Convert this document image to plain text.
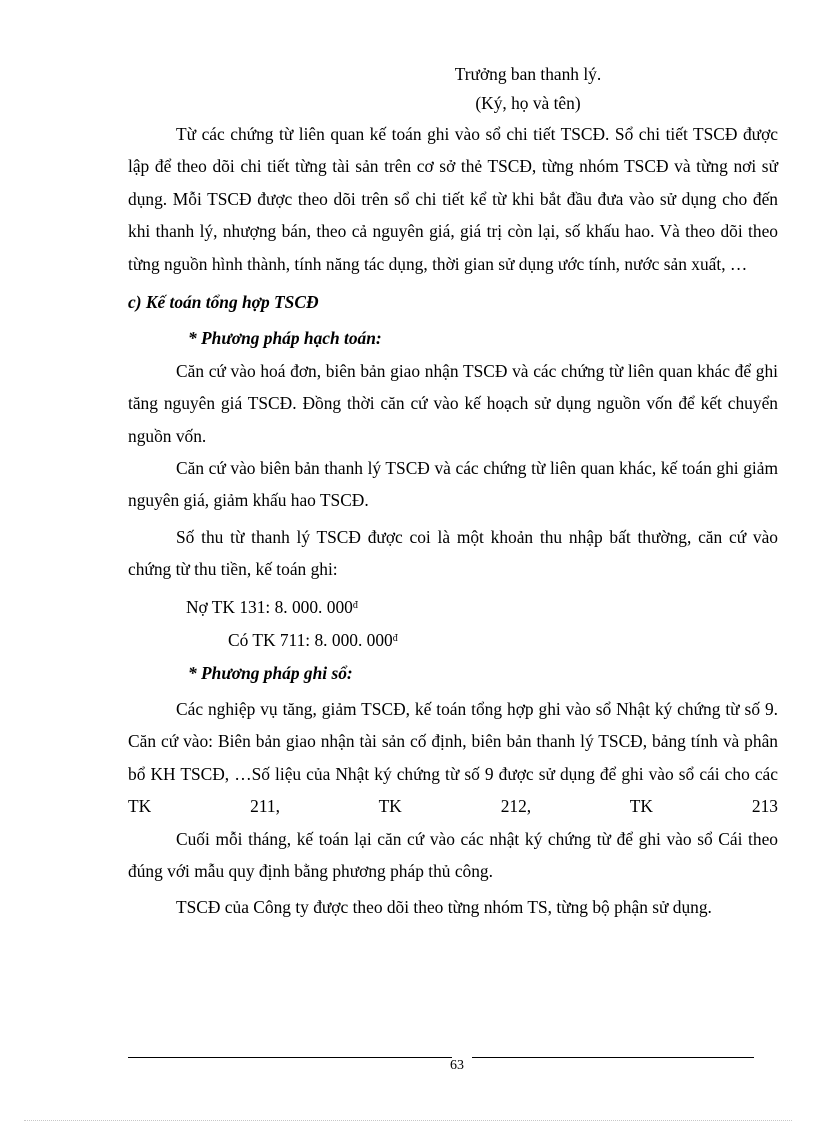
Trưởng ban thanh lý.
(Ký, họ và tên)

Từ các chứng từ liên quan kế toán ghi vào sổ chi tiết TSCĐ. Sổ chi tiết TSCĐ được lập để theo dõi chi tiết từng tài sản trên cơ sở thẻ TSCĐ, từng nhóm TSCĐ và từng nơi sử dụng. Mỗi TSCĐ được theo dõi trên sổ chi tiết kể từ khi bắt đầu đưa vào sử dụng cho đến khi thanh lý, nhượng bán, theo cả nguyên giá, giá trị còn lại, số khấu hao. Và theo dõi theo từng nguồn hình thành, tính năng tác dụng, thời gian sử dụng ước tính, nước sản xuất, …

c) Kế toán tổng hợp TSCĐ

* Phương pháp hạch toán:

Căn cứ vào hoá đơn, biên bản giao nhận TSCĐ và các chứng từ liên quan khác để ghi tăng nguyên giá TSCĐ. Đồng thời căn cứ vào kế hoạch sử dụng nguồn vốn để kết chuyển nguồn vốn.

Căn cứ vào biên bản thanh lý TSCĐ và các chứng từ liên quan khác, kế toán ghi giảm nguyên giá, giảm khấu hao TSCĐ.

Số thu từ thanh lý TSCĐ được coi là một khoản thu nhập bất thường, căn cứ vào chứng từ thu tiền, kế toán ghi:

Nợ TK 131: 8. 000. $000^đ$
Có TK 711: 8. 000. $000^đ$

* Phương pháp ghi sổ:

Các nghiệp vụ tăng, giảm TSCĐ, kế toán tổng hợp ghi vào sổ Nhật ký chứng từ số 9. Căn cứ vào: Biên bản giao nhận tài sản cố định, biên bản thanh lý TSCĐ, bảng tính và phân bổ KH TSCĐ, …Số liệu của Nhật ký chứng từ số 9 được sử dụng để ghi vào sổ cái cho các TK 211, TK 212, TK 213

Cuối mỗi tháng, kế toán lại căn cứ vào các nhật ký chứng từ để ghi vào sổ Cái theo đúng với mẫu quy định bằng phương pháp thủ công.

TSCĐ của Công ty được theo dõi theo từng nhóm TS, từng bộ phận sử dụng.

63
